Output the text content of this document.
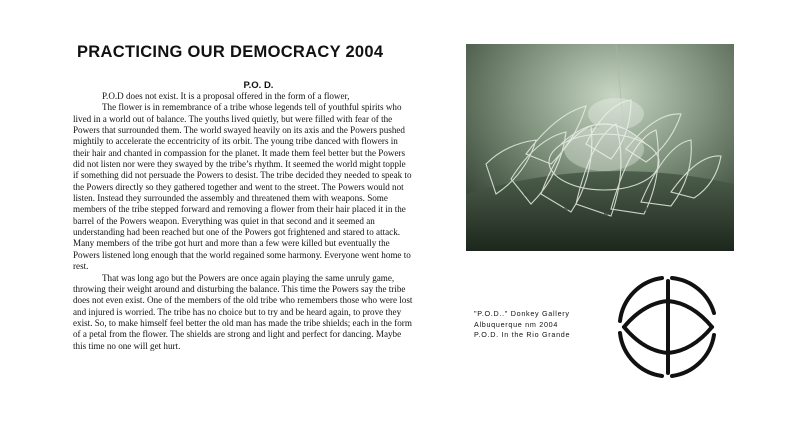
PRACTICING OUR DEMOCRACY 2004
P.O. D.

P.O.D does not exist. It is a proposal offered in the form of a flower,

The flower is in remembrance of a tribe whose legends tell of youthful spirits who lived in a world out of balance. The youths lived quietly, but were filled with fear of the Powers that surrounded them. The world swayed heavily on its axis and the Powers pushed mightily to accelerate the eccentricity of its orbit. The young tribe danced with flowers in their hair and chanted in compassion for the planet. It made them feel better but the Powers did not listen nor were they swayed by the tribe’s rhythm. It seemed the world might topple if something did not persuade the Powers to desist. The tribe decided they needed to speak to the Powers directly so they gathered together and went to the street. The Powers would not listen. Instead they surrounded the assembly and threatened them with weapons. Some members of the tribe stepped forward and removing a flower from their hair placed it in the barrel of the Powers weapon. Everything was quiet in that second and it seemed an understanding had been reached but one of the Powers got frightened and stared to attack. Many members of the tribe got hurt and more than a few were killed but eventually the Powers listened long enough that the world regained some harmony. Everyone went home to rest.

That was long ago but the Powers are once again playing the same unruly game, throwing their weight around and disturbing the balance. This time the Powers say the tribe does not even exist. One of the members of the old tribe who remembers those who were lost and injured is worried. The tribe has no choice but to try and be heard again, to prove they exist. So, to make himself feel better the old man has made the tribe shields; each in the form of a petal from the flower. The shields are strong and light and perfect for dancing. Maybe this time no one will get hurt.

"P.O.D.." Donkey Gallery
Albuquerque nm 2004
P.O.D. In the Rio Grande
